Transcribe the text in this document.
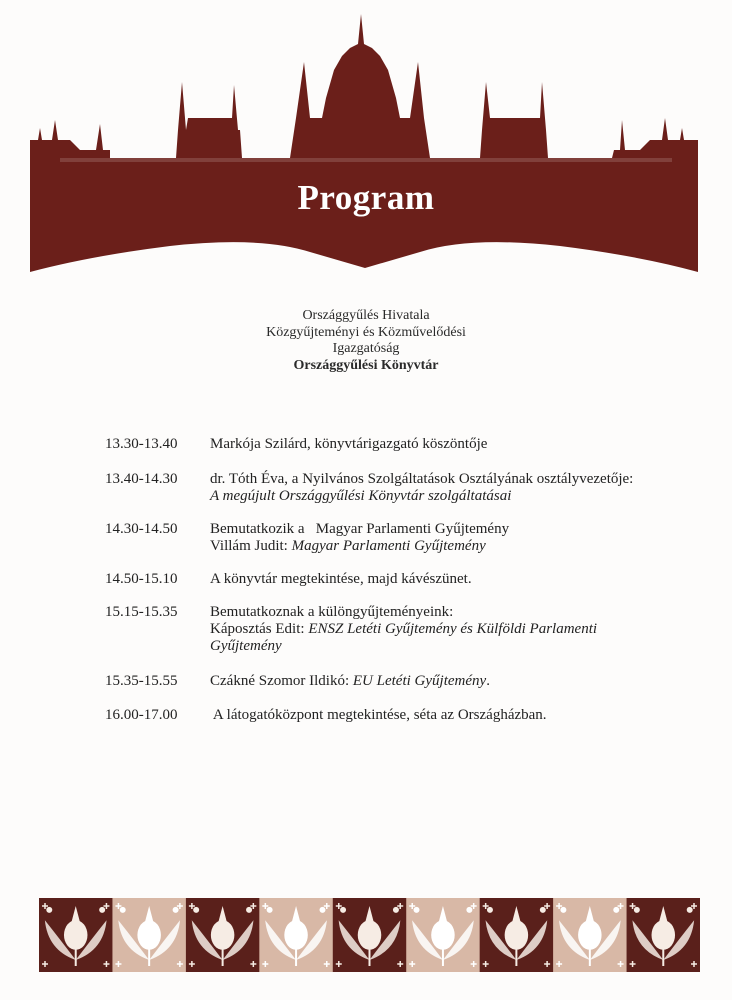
Program
Országgyűlés Hivatala
Közgyűjteményi és Közművelődési
Igazgatóság
Országgyűlési Könyvtár
13.30-13.40 Markója Szilárd, könyvtárigazgató köszöntője
13.40-14.30 dr. Tóth Éva, a Nyilvános Szolgáltatások Osztályának osztályvezetője:
A megújult Országgyűlési Könyvtár szolgáltatásai
14.30-14.50 Bemutatkozik a   Magyar Parlamenti Gyűjtemény
Villám Judit: Magyar Parlamenti Gyűjtemény
14.50-15.10 A könyvtár megtekintése, majd kávészünet.
15.15-15.35 Bemutatkoznak a különgyűjteményeink:
Káposztás Edit: ENSZ Letéti Gyűjtemény és Külföldi Parlamenti
Gyűjtemény
15.35-15.55 Czákné Szomor Ildikó: EU Letéti Gyűjtemény.
16.00-17.00 A látogatóközpont megtekintése, séta az Országházban.
